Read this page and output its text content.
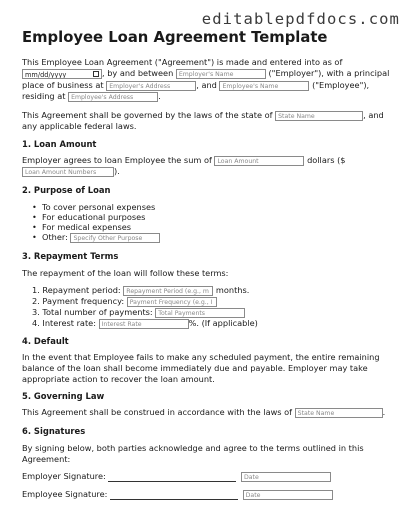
editablepdfdocs.com
Employee Loan Agreement Template
This Employee Loan Agreement ("Agreement") is made and entered into as of
mm/dd/yyyy	, by and between Employer's Name	("Employer"), with a principal
place of business at Employer's Address	, and Employee's Name	("Employee"),
residing at Employee's Address	.
This Agreement shall be governed by the laws of the state of State Name	, and
any applicable federal laws.
1. Loan Amount
Employer agrees to loan Employee the sum of Loan Amount	dollars ($
Loan Amount Numbers ).
2. Purpose of Loan
• To cover personal expenses
• For educational purposes
• For medical expenses
• Other: Specify Other Purpose
3. Repayment Terms
The repayment of the loan will follow these terms:
1. Repayment period: Repayment Period (e.g., m months.
2. Payment frequency: Payment Frequency (e.g., I
3. Total number of payments: Total Payments
4. Interest rate: Interest Rate	%. (If applicable)
4. Default
In the event that Employee fails to make any scheduled payment, the entire remaining
balance of the loan shall become immediately due and payable. Employer may take
appropriate action to recover the loan amount.
5. Governing Law
This Agreement shall be construed in accordance with the laws of State Name	.
6. Signatures
By signing below, both parties acknowledge and agree to the terms outlined in this
Agreement:
Employer Signature:	Date
Employee Signature:	Date
